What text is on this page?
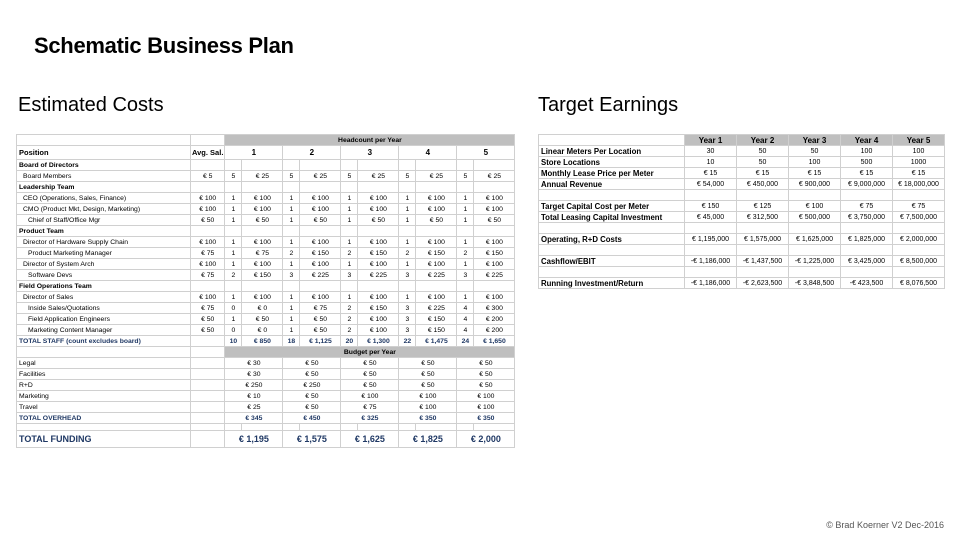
Schematic Business Plan
Estimated Costs	Target Earnings
		Headcount per Year									
Position	Avg. Sal.	1		2		3		4		5	
Board of Directors											
Board Members	€ 5	5	€ 25	5	€ 25	5	€ 25	5	€ 25	5	€ 25
Leadership Team											
CEO (Operations, Sales, Finance)	€ 100	1	€ 100	1	€ 100	1	€ 100	1	€ 100	1	€ 100
CMO (Product Mkt, Design, Marketing)	€ 100	1	€ 100	1	€ 100	1	€ 100	1	€ 100	1	€ 100
Chief of Staff/Office Mgr	€ 50	1	€ 50	1	€ 50	1	€ 50	1	€ 50	1	€ 50
Product Team											
Director of Hardware Supply Chain	€ 100	1	€ 100	1	€ 100	1	€ 100	1	€ 100	1	€ 100
Product Marketing Manager	€ 75	1	€ 75	2	€ 150	2	€ 150	2	€ 150	2	€ 150
Director of System Arch	€ 100	1	€ 100	1	€ 100	1	€ 100	1	€ 100	1	€ 100
Software Devs	€ 75	2	€ 150	3	€ 225	3	€ 225	3	€ 225	3	€ 225
Field Operations Team											
Director of Sales	€ 100	1	€ 100	1	€ 100	1	€ 100	1	€ 100	1	€ 100
Inside Sales/Quotations	€ 75	0	€ 0	1	€ 75	2	€ 150	3	€ 225	4	€ 300
Field Application Engineers	€ 50	1	€ 50	1	€ 50	2	€ 100	3	€ 150	4	€ 200
Marketing Content Manager	€ 50	0	€ 0	1	€ 50	2	€ 100	3	€ 150	4	€ 200
TOTAL STAFF (count excludes board)		10	€ 850	18	€ 1,125	20	€ 1,300	22	€ 1,475	24	€ 1,650
		Budget per Year									
Legal		€ 30		€ 50		€ 50		€ 50		€ 50	
Facilities		€ 30		€ 50		€ 50		€ 50		€ 50	
R+D		€ 250		€ 250		€ 50		€ 50		€ 50	
Marketing		€ 10		€ 50		€ 100		€ 100		€ 100	
Travel		€ 25		€ 50		€ 75		€ 100		€ 100	
TOTAL OVERHEAD		€ 345		€ 450		€ 325		€ 350		€ 350	

TOTAL FUNDING		€ 1,195		€ 1,575		€ 1,625		€ 1,825		€ 2,000	
	Year 1	Year 2	Year 3	Year 4	Year 5
Linear Meters Per Location	30	50	50	100	100
Store Locations	10	50	100	500	1000
Monthly Lease Price per Meter	€ 15	€ 15	€ 15	€ 15	€ 15
Annual Revenue	€ 54,000	€ 450,000	€ 900,000	€ 9,000,000	€ 18,000,000

Target Capital Cost per Meter	€ 150	€ 125	€ 100	€ 75	€ 75
Total Leasing Capital Investment	€ 45,000	€ 312,500	€ 500,000	€ 3,750,000	€ 7,500,000

Operating, R+D Costs	€ 1,195,000	€ 1,575,000	€ 1,625,000	€ 1,825,000	€ 2,000,000

Cashflow/EBIT	-€ 1,186,000	-€ 1,437,500	-€ 1,225,000	€ 3,425,000	€ 8,500,000

Running Investment/Return	-€ 1,186,000	-€ 2,623,500	-€ 3,848,500	-€ 423,500	€ 8,076,500
© Brad Koerner V2 Dec-2016
